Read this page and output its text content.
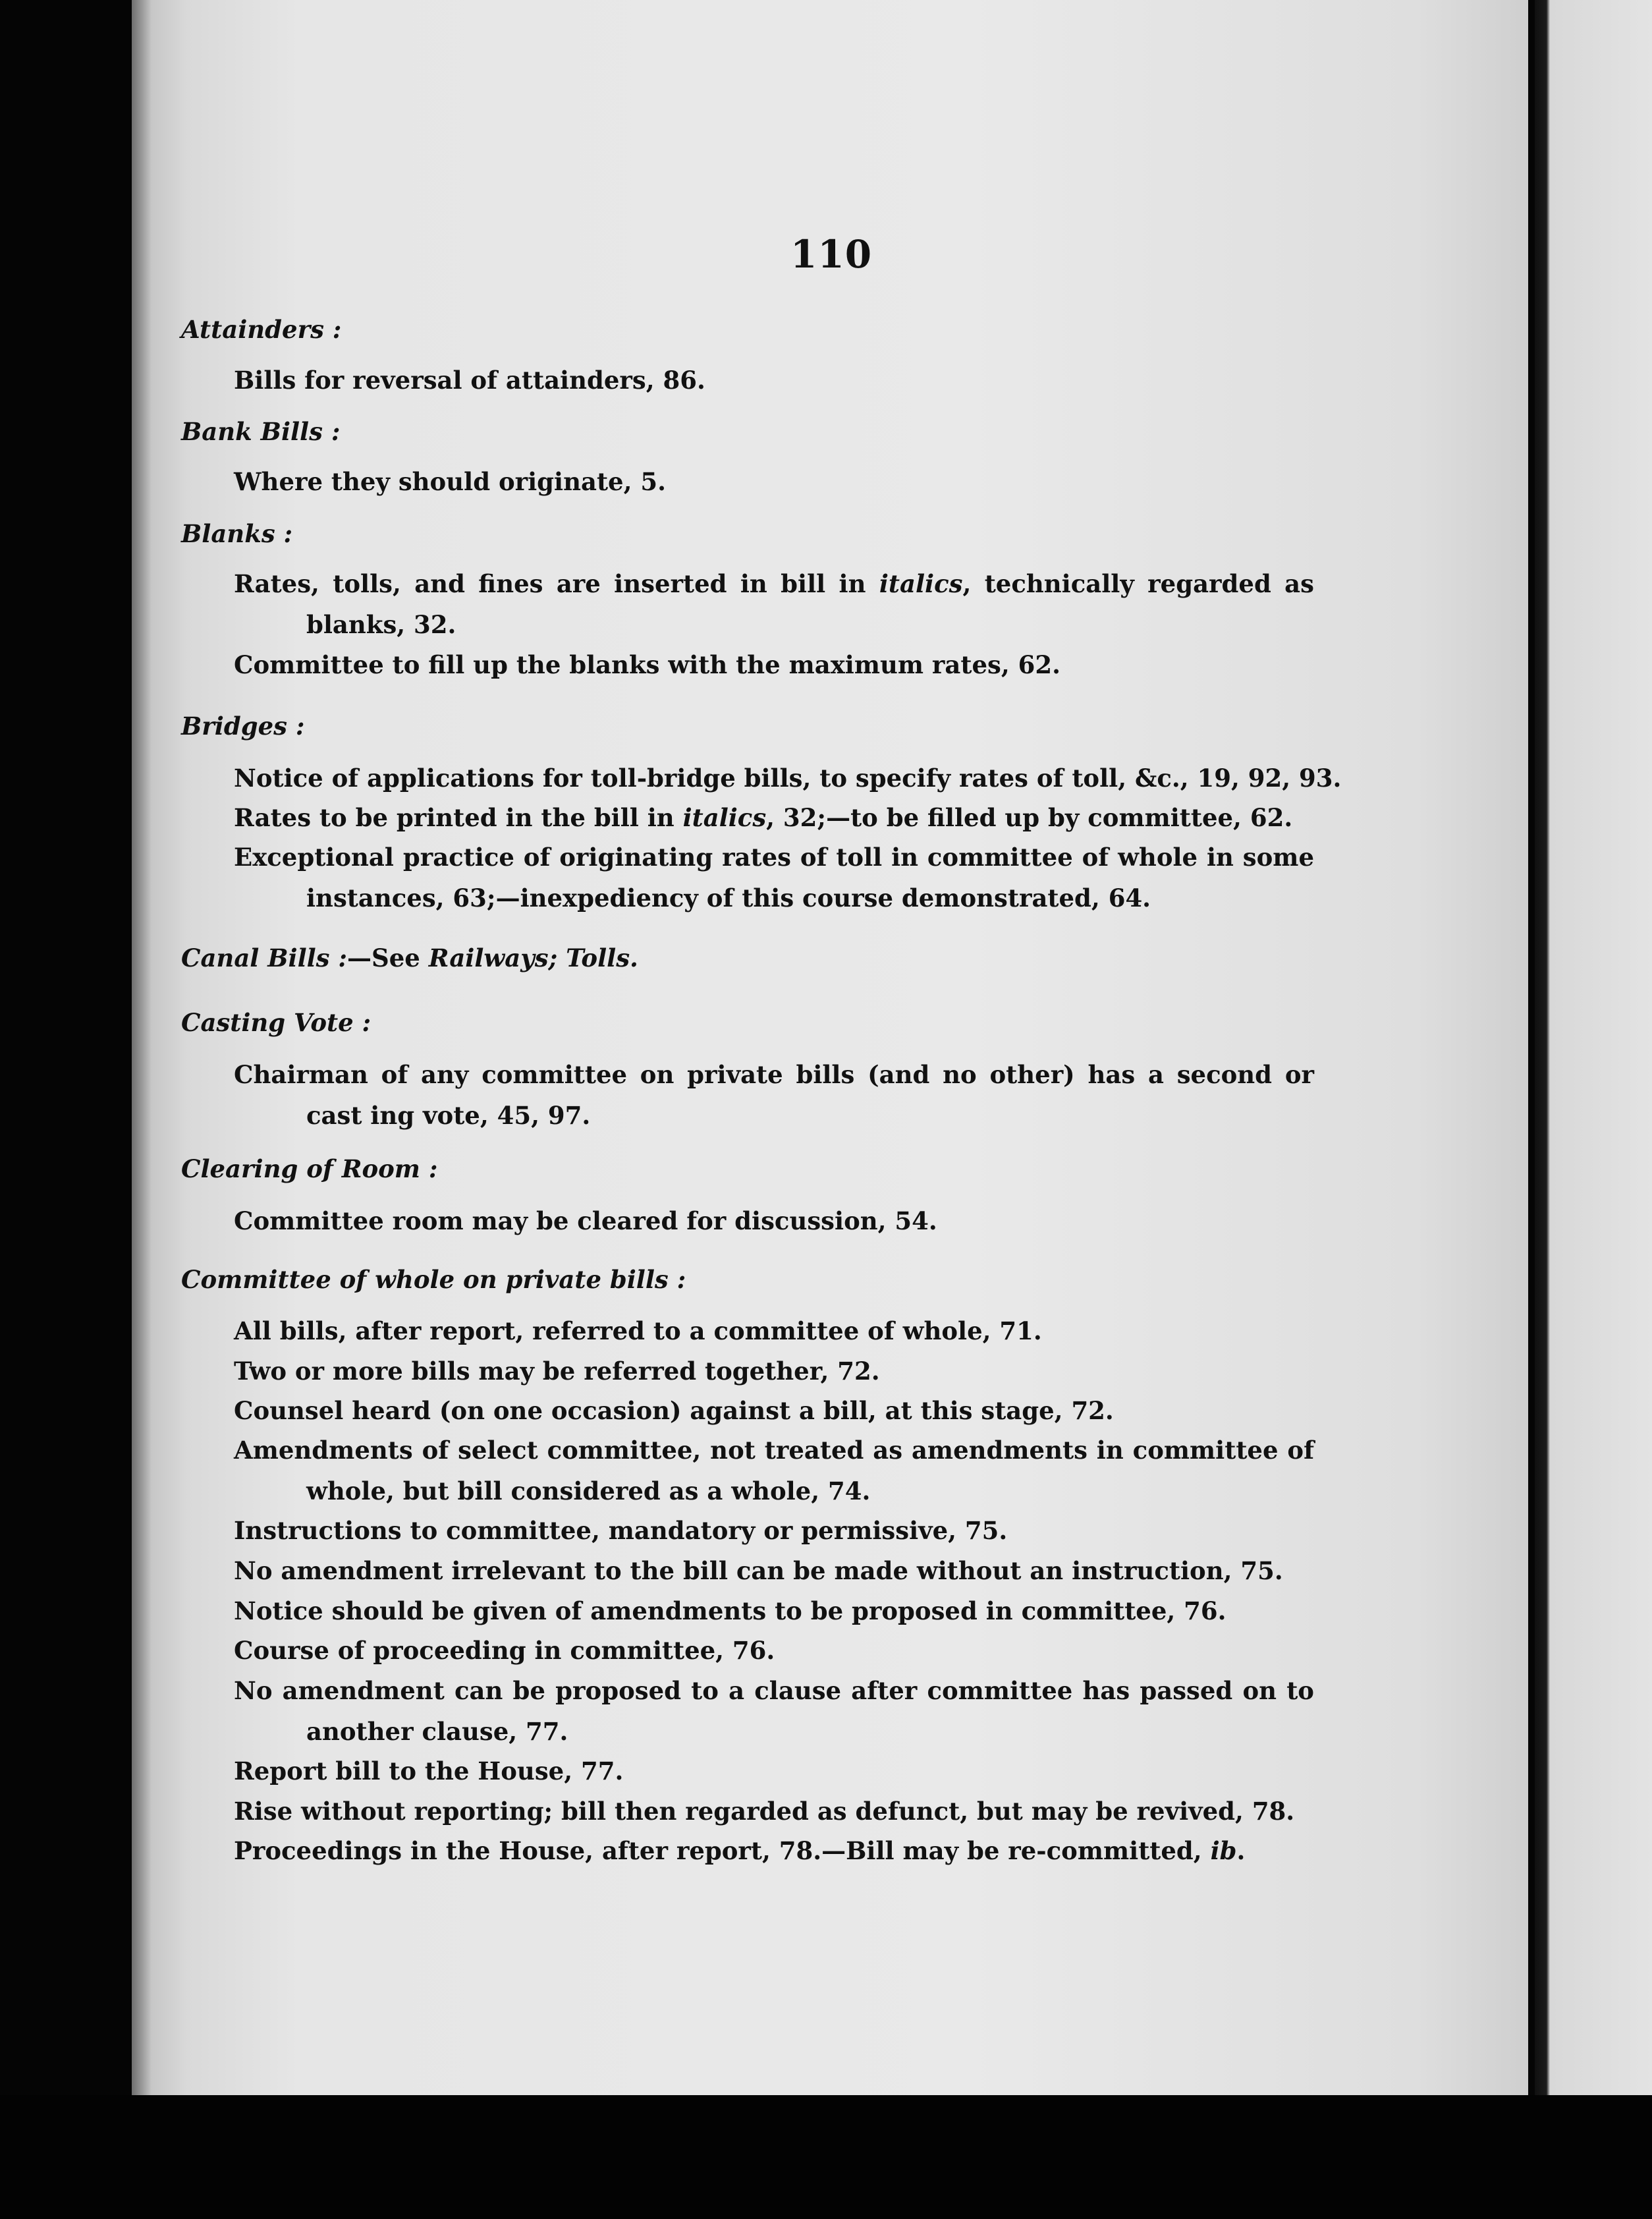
110
Attainders :
Bills for reversal of attainders, 86.
Bank Bills :
Where they should originate, 5.
Blanks :
Rates, tolls, and fines are inserted in bill in italics, technically regarded as blanks, 32.
Committee to fill up the blanks with the maximum rates, 62.
Bridges :
Notice of applications for toll-bridge bills, to specify rates of toll, &c., 19, 92, 93.
Rates to be printed in the bill in italics, 32;—to be filled up by committee, 62.
Exceptional practice of originating rates of toll in committee of whole in some instances, 63;—inexpediency of this course demonstrated, 64.
Canal Bills :—See Railways; Tolls.
Casting Vote :
Chairman of any committee on private bills (and no other) has a second or cast ing vote, 45, 97.
Clearing of Room :
Committee room may be cleared for discussion, 54.
Committee of whole on private bills :
All bills, after report, referred to a committee of whole, 71.
Two or more bills may be referred together, 72.
Counsel heard (on one occasion) against a bill, at this stage, 72.
Amendments of select committee, not treated as amendments in committee of whole, but bill considered as a whole, 74.
Instructions to committee, mandatory or permissive, 75.
No amendment irrelevant to the bill can be made without an instruction, 75.
Notice should be given of amendments to be proposed in committee, 76.
Course of proceeding in committee, 76.
No amendment can be proposed to a clause after committee has passed on to another clause, 77.
Report bill to the House, 77.
Rise without reporting; bill then regarded as defunct, but may be revived, 78.
Proceedings in the House, after report, 78.—Bill may be re-committed, ib.
